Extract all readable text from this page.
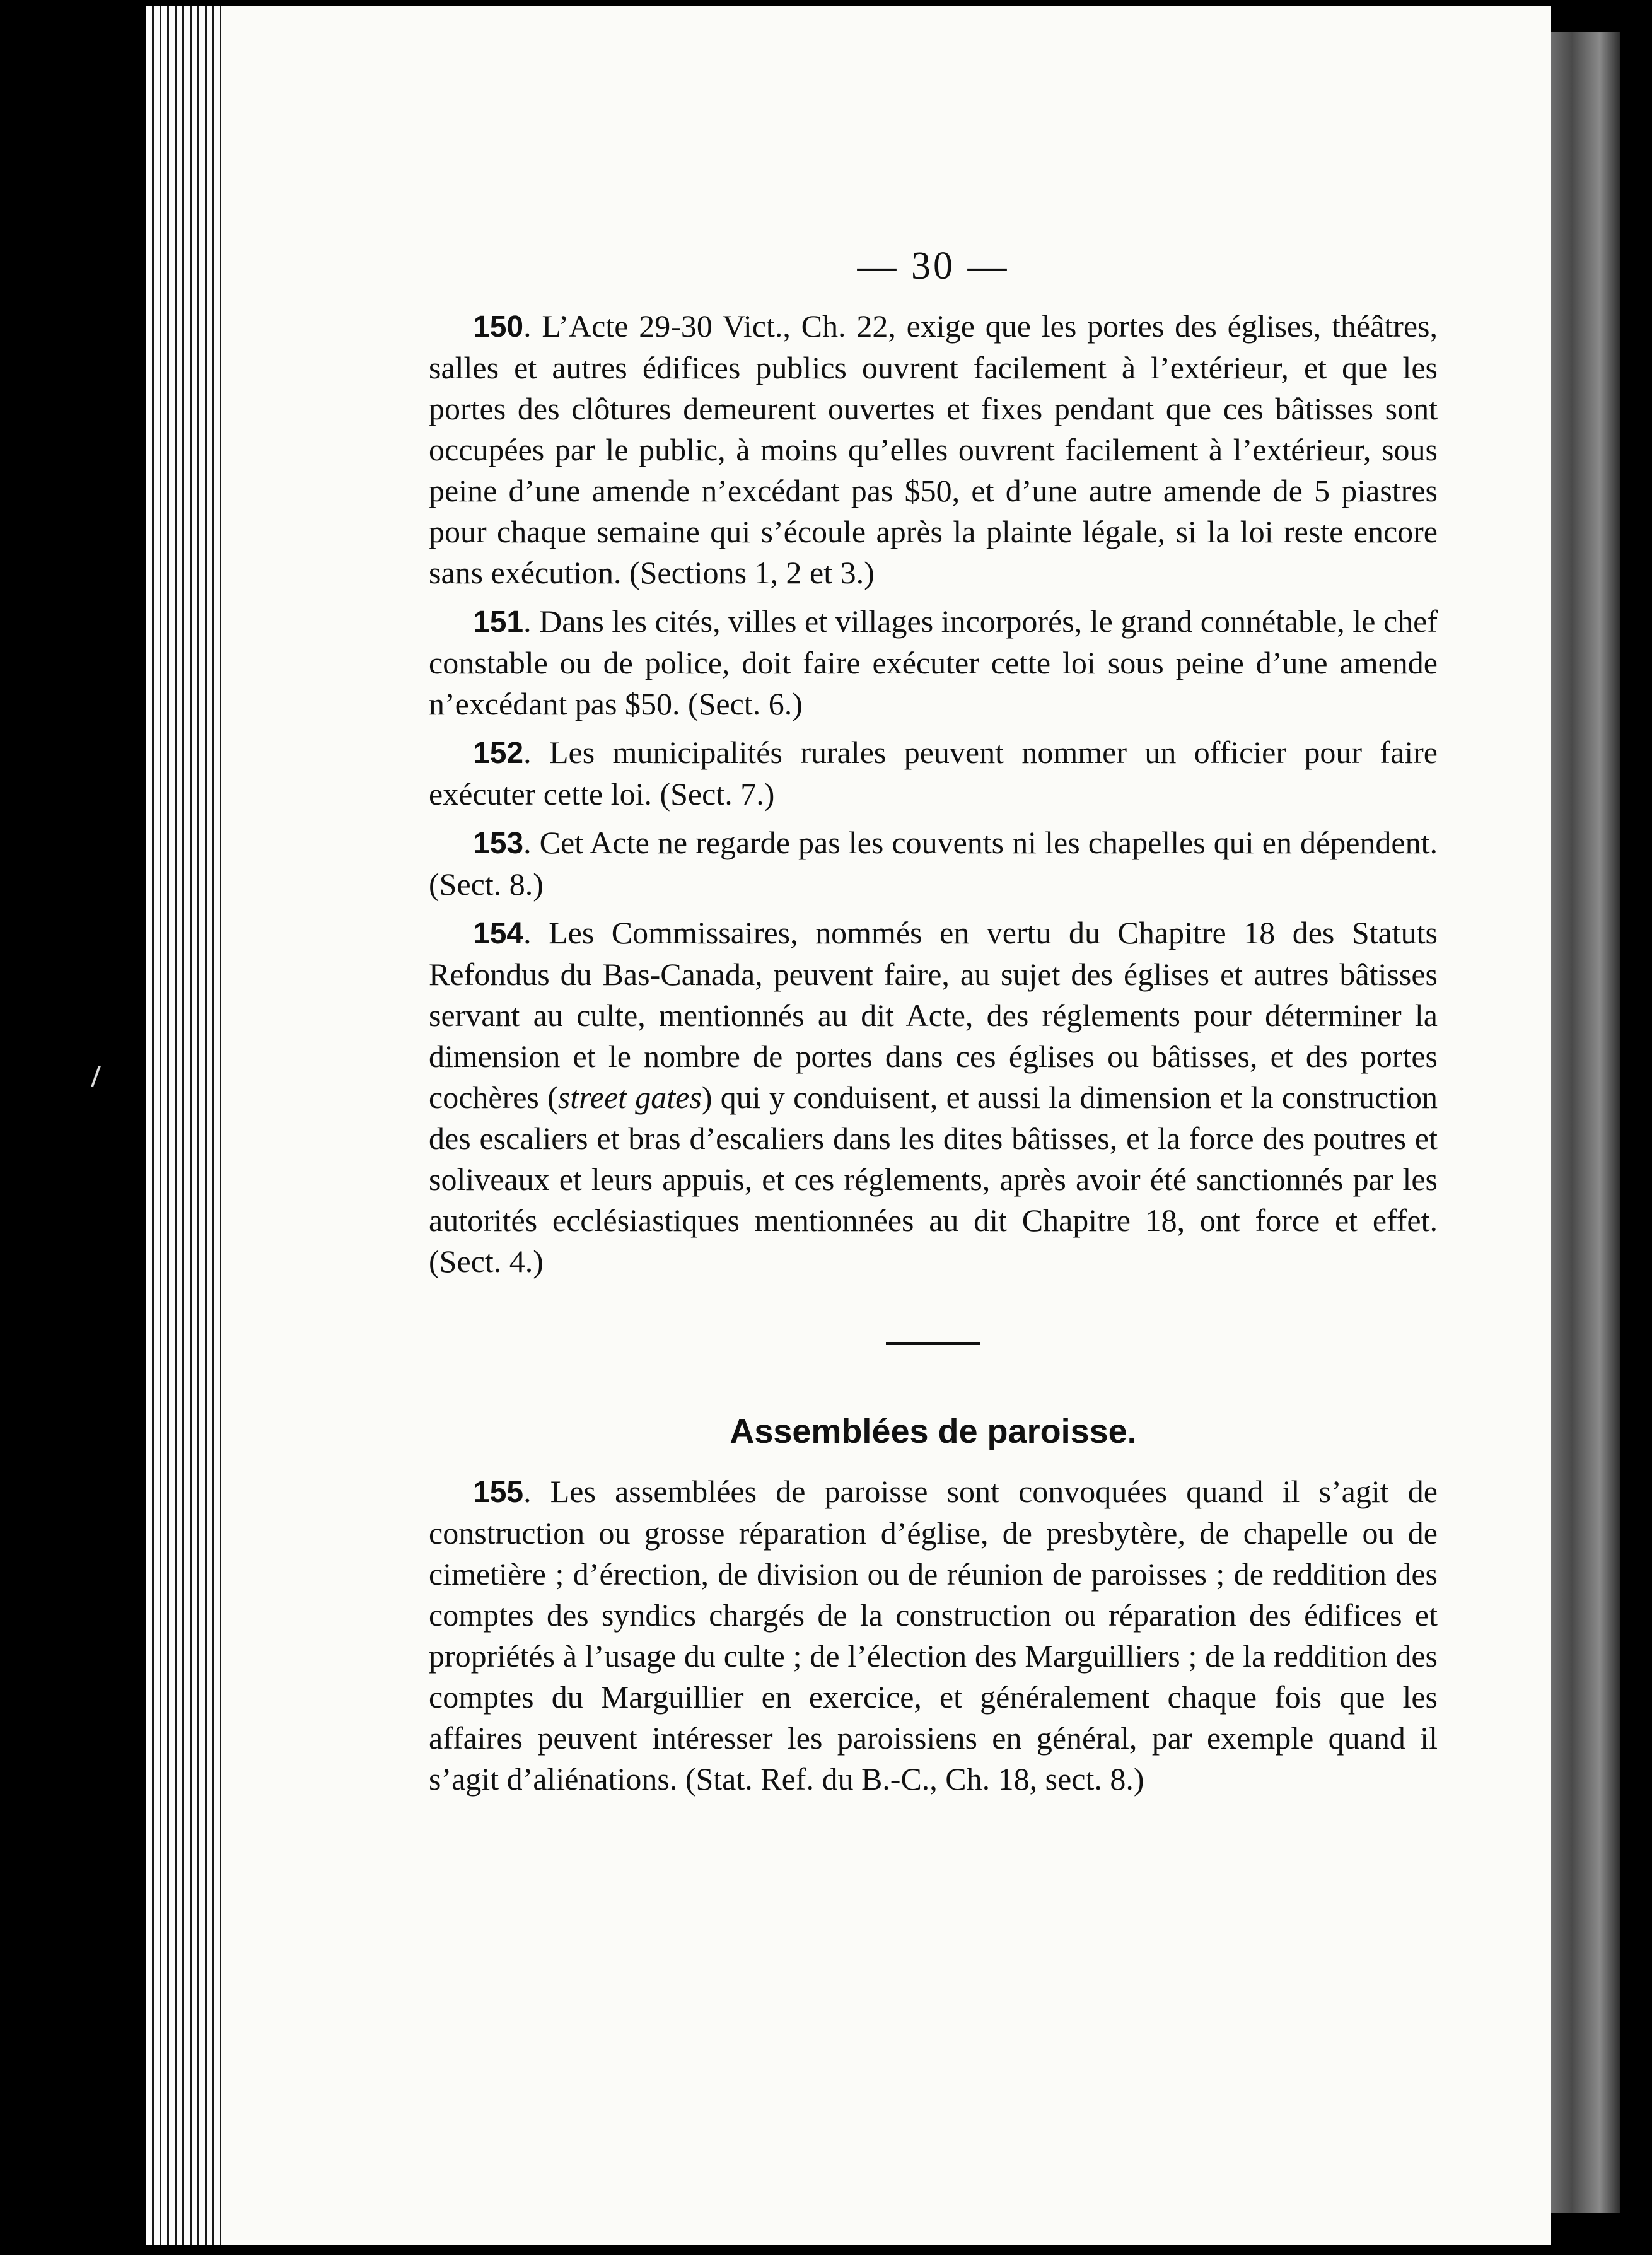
— 30 —

150. L’Acte 29-30 Vict., Ch. 22, exige que les portes des églises, théâtres, salles et autres édifices publics ouvrent facilement à l’extérieur, et que les portes des clôtures demeurent ouvertes et fixes pendant que ces bâtisses sont occupées par le public, à moins qu’elles ouvrent facilement à l’extérieur, sous peine d’une amende n’excédant pas $50, et d’une autre amende de 5 piastres pour chaque semaine qui s’écoule après la plainte légale, si la loi reste encore sans exécution. (Sections 1, 2 et 3.)

151. Dans les cités, villes et villages incorporés, le grand connétable, le chef constable ou de police, doit faire exécuter cette loi sous peine d’une amende n’excédant pas $50. (Sect. 6.)

152. Les municipalités rurales peuvent nommer un officier pour faire exécuter cette loi. (Sect. 7.)

153. Cet Acte ne regarde pas les couvents ni les chapelles qui en dépendent. (Sect. 8.)

154. Les Commissaires, nommés en vertu du Chapitre 18 des Statuts Refondus du Bas-Canada, peuvent faire, au sujet des églises et autres bâtisses servant au culte, mentionnés au dit Acte, des réglements pour déterminer la dimension et le nombre de portes dans ces églises ou bâtisses, et des portes cochères (street gates) qui y conduisent, et aussi la dimension et la construction des escaliers et bras d’escaliers dans les dites bâtisses, et la force des poutres et soliveaux et leurs appuis, et ces réglements, après avoir été sanctionnés par les autorités ecclésiastiques mentionnées au dit Chapitre 18, ont force et effet. (Sect. 4.)

Assemblées de paroisse.

155. Les assemblées de paroisse sont convoquées quand il s’agit de construction ou grosse réparation d’église, de presbytère, de chapelle ou de cimetière ; d’érection, de division ou de réunion de paroisses ; de reddition des comptes des syndics chargés de la construction ou réparation des édifices et propriétés à l’usage du culte ; de l’élection des Marguilliers ; de la reddition des comptes du Marguillier en exercice, et généralement chaque fois que les affaires peuvent intéresser les paroissiens en général, par exemple quand il s’agit d’aliénations. (Stat. Ref. du B.-C., Ch. 18, sect. 8.)
